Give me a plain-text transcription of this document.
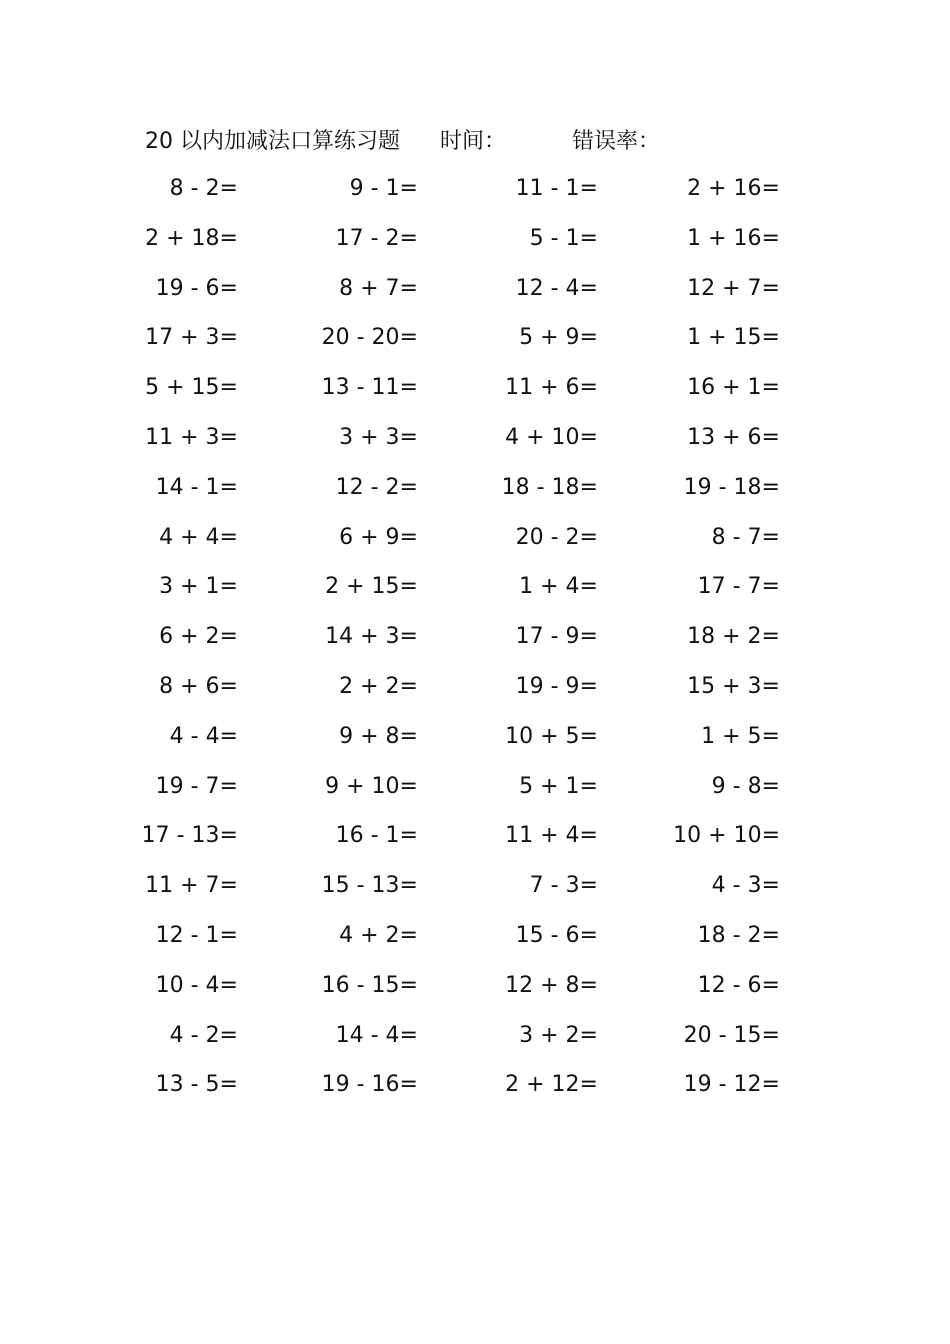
20 以内加减法口算练习题 时间：	错误率：
8 - 2=	9 - 1=	11 - 1=	2 + 16=
2 + 18=	17 - 2=	5 - 1=	1 + 16=
19 - 6=	8 + 7=	12 - 4=	12 + 7=
17 + 3=	20 - 20=	5 + 9=	1 + 15=
5 + 15=	13 - 11=	11 + 6=	16 + 1=
11 + 3=	3 + 3=	4 + 10=	13 + 6=
14 - 1=	12 - 2=	18 - 18=	19 - 18=
4 + 4=	6 + 9=	20 - 2=	8 - 7=
3 + 1=	2 + 15=	1 + 4=	17 - 7=
6 + 2=	14 + 3=	17 - 9=	18 + 2=
8 + 6=	2 + 2=	19 - 9=	15 + 3=
4 - 4=	9 + 8=	10 + 5=	1 + 5=
19 - 7=	9 + 10=	5 + 1=	9 - 8=
17 - 13=	16 - 1=	11 + 4=	10 + 10=
11 + 7=	15 - 13=	7 - 3=	4 - 3=
12 - 1=	4 + 2=	15 - 6=	18 - 2=
10 - 4=	16 - 15=	12 + 8=	12 - 6=
4 - 2=	14 - 4=	3 + 2=	20 - 15=
13 - 5=	19 - 16=	2 + 12=	19 - 12=
